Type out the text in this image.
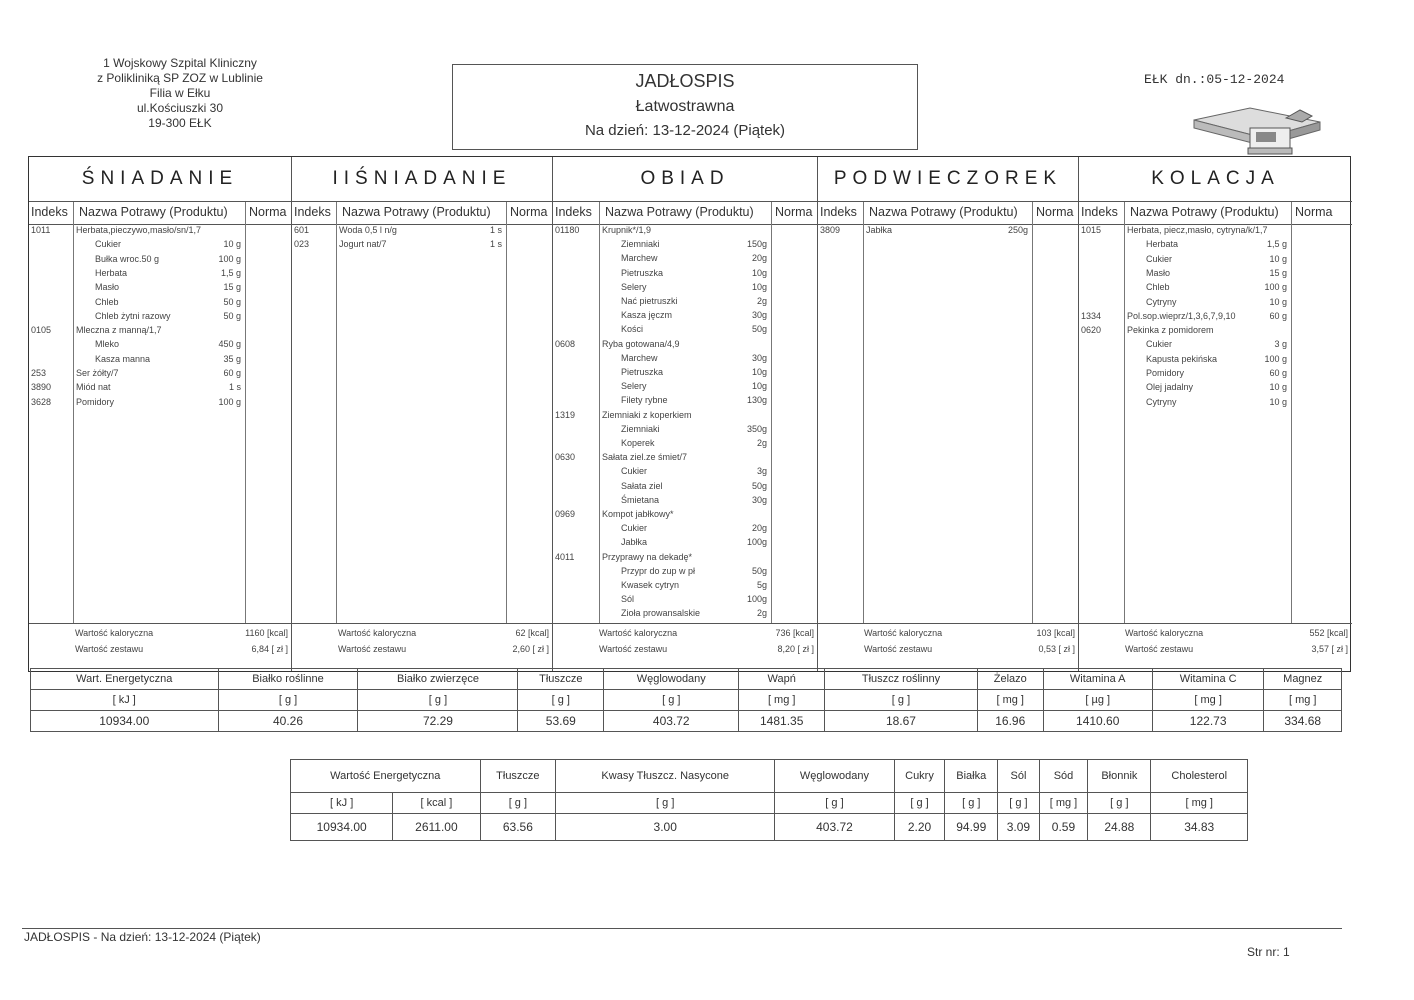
1 Wojskowy Szpital Kliniczny
z Polikliniką SP ZOZ w Lublinie
Filia w Ełku
ul.Kościuszki 30
19-300 EŁK
JADŁOSPIS
Łatwostrawna
Na dzień: 13-12-2024 (Piątek)
EŁK dn.:05-12-2024
ŚNIADANIE
Indeks Nazwa Potrawy (Produktu) Norma
1011	Herbata,pieczywo,masło/sn/1,7
Cukier	10 g
Bułka wroc.50 g	100 g
Herbata	1,5 g
Masło	15 g
Chleb	50 g
Chleb żytni razowy	50 g
0105	Mleczna z manną/1,7
Mleko	450 g
Kasza manna	35 g
253	Ser żółty/7	60 g
3890	Miód nat	1 s
3628	Pomidory	100 g
Wartość kaloryczna	1160 [kcal]
Wartość zestawu	6,84 [ zł ]
IIŚNIADANIE
Indeks Nazwa Potrawy (Produktu) Norma
601	Woda 0,5 l n/g	1 s
023	Jogurt nat/7	1 s
Wartość kaloryczna	62 [kcal]
Wartość zestawu	2,60 [ zł ]
OBIAD
Indeks Nazwa Potrawy (Produktu) Norma
01180	Krupnik*/1,9
Ziemniaki	150g
Marchew	20g
Pietruszka	10g
Selery	10g
Nać pietruszki	2g
Kasza jęczm	30g
Kości	50g
0608	Ryba gotowana/4,9
Marchew	30g
Pietruszka	10g
Selery	10g
Filety rybne	130g
1319	Ziemniaki z koperkiem
Ziemniaki	350g
Koperek	2g
0630	Sałata ziel.ze śmiet/7
Cukier	3g
Sałata ziel	50g
Śmietana	30g
0969	Kompot jabłkowy*
Cukier	20g
Jabłka	100g
4011	Przyprawy na dekadę*
Przypr do zup w pł	50g
Kwasek cytryn	5g
Sól	100g
Zioła prowansalskie	2g
Wartość kaloryczna	736 [kcal]
Wartość zestawu	8,20 [ zł ]
PODWIECZOREK
Indeks Nazwa Potrawy (Produktu) Norma
3809	Jabłka	250g
Wartość kaloryczna	103 [kcal]
Wartość zestawu	0,53 [ zł ]
KOLACJA
Indeks Nazwa Potrawy (Produktu) Norma
1015	Herbata, piecz,masło, cytryna/k/1,7
Herbata	1,5 g
Cukier	10 g
Masło	15 g
Chleb	100 g
Cytryny	10 g
1334	Pol.sop.wieprz/1,3,6,7,9,10	60 g
0620	Pekinka z pomidorem
Cukier	3 g
Kapusta pekińska	100 g
Pomidory	60 g
Olej jadalny	10 g
Cytryny	10 g
Wartość kaloryczna	552 [kcal]
Wartość zestawu	3,57 [ zł ]
Wart. Energetyczna	Białko roślinne	Białko zwierzęce	Tłuszcze	Węglowodany	Wapń	Tłuszcz roślinny	Żelazo	Witamina A	Witamina C	Magnez
[ kJ ]	[ g ]	[ g ]	[ g ]	[ g ]	[ mg ]	[ g ]	[ mg ]	[ µg ]	[ mg ]	[ mg ]
10934.00	40.26	72.29	53.69	403.72	1481.35	18.67	16.96	1410.60	122.73	334.68
Wartość Energetyczna		Tłuszcze	Kwasy Tłuszcz. Nasycone	Węglowodany	Cukry	Białka	Sól	Sód	Błonnik	Cholesterol
[ kJ ]	[ kcal ]	[ g ]	[ g ]	[ g ]	[ g ]	[ g ]	[ g ]	[ mg ]	[ g ]	[ mg ]
10934.00	2611.00	63.56	3.00	403.72	2.20	94.99	3.09	0.59	24.88	34.83
JADŁOSPIS - Na dzień: 13-12-2024 (Piątek)
Str nr: 1
